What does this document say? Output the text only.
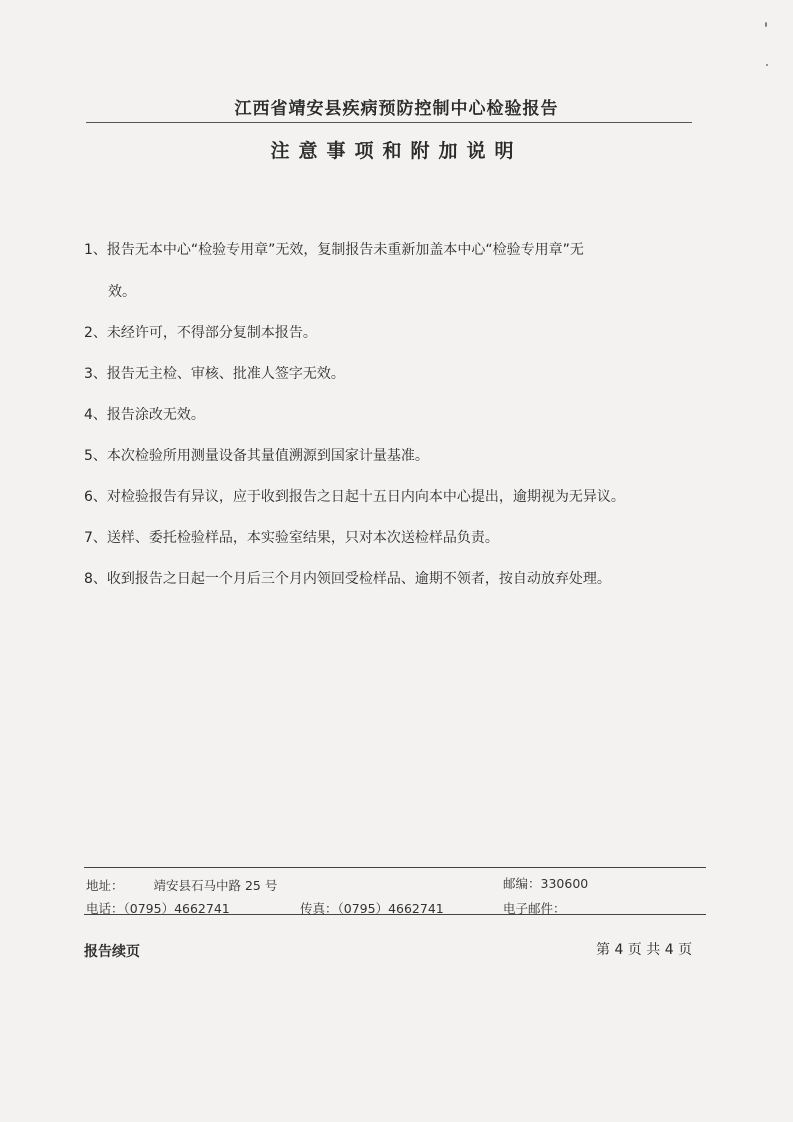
江西省靖安县疾病预防控制中心检验报告
注意事项和附加说明
1、报告无本中心“检验专用章”无效，复制报告未重新加盖本中心“检验专用章”无
效。
2、未经许可，不得部分复制本报告。
3、报告无主检、审核、批准人签字无效。
4、报告涂改无效。
5、本次检验所用测量设备其量值溯源到国家计量基准。
6、对检验报告有异议，应于收到报告之日起十五日内向本中心提出，逾期视为无异议。
7、送样、委托检验样品，本实验室结果，只对本次送检样品负责。
8、收到报告之日起一个月后三个月内领回受检样品、逾期不领者，按自动放弃处理。
地址： 靖安县石马中路 25 号	邮编：330600
电话：（0795）4662741	传真：（0795）4662741	电子邮件：
报告续页	第 4 页 共 4 页
